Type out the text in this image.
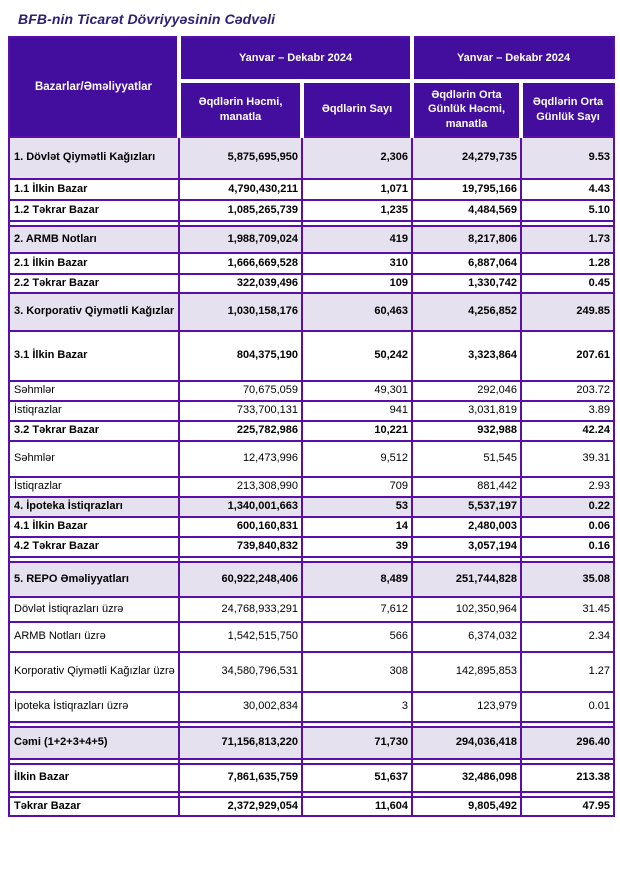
BFB-nin Ticarət Dövriyyəsinin Cədvəli
Bazarlar/Əməliyyatlar	Yanvar – Dekabr 2024		Yanvar – Dekabr 2024	
	Əqdlərin Həcmi, manatla	Əqdlərin Sayı	Əqdlərin Orta Günlük Həcmi, manatla	Əqdlərin Orta Günlük Sayı
1. Dövlət Qiymətli Kağızları	5,875,695,950	2,306	24,279,735	9.53
1.1 İlkin Bazar	4,790,430,211	1,071	19,795,166	4.43
1.2 Təkrar Bazar	1,085,265,739	1,235	4,484,569	5.10

2. ARMB Notları	1,988,709,024	419	8,217,806	1.73
2.1 İlkin Bazar	1,666,669,528	310	6,887,064	1.28
2.2 Təkrar Bazar	322,039,496	109	1,330,742	0.45
3. Korporativ Qiymətli Kağızlar	1,030,158,176	60,463	4,256,852	249.85
3.1 İlkin Bazar	804,375,190	50,242	3,323,864	207.61
Səhmlər	70,675,059	49,301	292,046	203.72
İstiqrazlar	733,700,131	941	3,031,819	3.89
3.2 Təkrar Bazar	225,782,986	10,221	932,988	42.24
Səhmlər	12,473,996	9,512	51,545	39.31
İstiqrazlar	213,308,990	709	881,442	2.93
4. İpoteka İstiqrazları	1,340,001,663	53	5,537,197	0.22
4.1 İlkin Bazar	600,160,831	14	2,480,003	0.06
4.2 Təkrar Bazar	739,840,832	39	3,057,194	0.16

5. REPO Əməliyyatları	60,922,248,406	8,489	251,744,828	35.08
Dövlət İstiqrazları üzrə	24,768,933,291	7,612	102,350,964	31.45
ARMB Notları üzrə	1,542,515,750	566	6,374,032	2.34
Korporativ Qiymətli Kağızlar üzrə	34,580,796,531	308	142,895,853	1.27
İpoteka İstiqrazları üzrə	30,002,834	3	123,979	0.01

Cəmi (1+2+3+4+5)	71,156,813,220	71,730	294,036,418	296.40

İlkin Bazar	7,861,635,759	51,637	32,486,098	213.38

Təkrar Bazar	2,372,929,054	11,604	9,805,492	47.95
